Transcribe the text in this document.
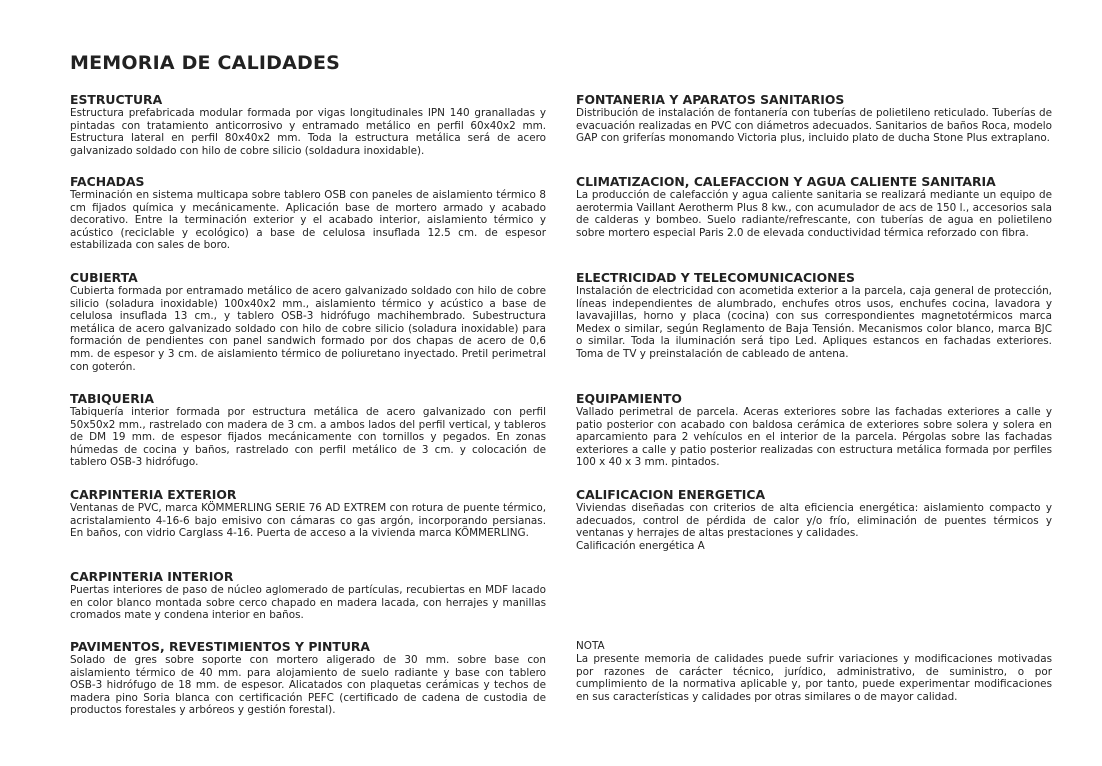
MEMORIA DE CALIDADES
ESTRUCTURA

Estructura prefabricada modular formada por vigas longitudinales IPN 140 granalladas y pintadas con tratamiento anticorrosivo y entramado metálico en perfil 60x40x2 mm. Estructura lateral en perfil 80x40x2 mm. Toda la estructura metálica será de acero galvanizado soldado con hilo de cobre silicio (soldadura inoxidable).

FACHADAS

Terminación en sistema multicapa sobre tablero OSB con paneles de aislamiento térmico 8 cm fijados química y mecánicamente. Aplicación base de mortero armado y acabado decorativo. Entre la terminación exterior y el acabado interior, aislamiento térmico y acústico (reciclable y ecológico) a base de celulosa insuflada 12.5 cm. de espesor estabilizada con sales de boro.

CUBIERTA

Cubierta formada por entramado metálico de acero galvanizado soldado con hilo de cobre silicio (soladura inoxidable) 100x40x2 mm., aislamiento térmico y acústico a base de celulosa insuflada 13 cm., y tablero OSB-3 hidrófugo machihembrado. Subestructura metálica de acero galvanizado soldado con hilo de cobre silicio (soladura inoxidable) para formación de pendientes con panel sandwich formado por dos chapas de acero de 0,6 mm. de espesor y 3 cm. de aislamiento térmico de poliuretano inyectado. Pretil perimetral con goterón.

TABIQUERIA

Tabiquería interior formada por estructura metálica de acero galvanizado con perfil 50x50x2 mm., rastrelado con madera de 3 cm. a ambos lados del perfil vertical, y tableros de DM 19 mm. de espesor fijados mecánicamente con tornillos y pegados. En zonas húmedas de cocina y baños, rastrelado con perfil metálico de 3 cm. y colocación de tablero OSB-3 hidrófugo.

CARPINTERIA EXTERIOR

Ventanas de PVC, marca KÖMMERLING SERIE 76 AD EXTREM con rotura de puente térmico, acristalamiento 4-16-6 bajo emisivo con cámaras co gas argón, incorporando persianas. En baños, con vidrio Carglass 4-16. Puerta de acceso a la vivienda marca KÖMMERLING.

CARPINTERIA INTERIOR

Puertas interiores de paso de núcleo aglomerado de partículas, recubiertas en MDF lacado en color blanco montada sobre cerco chapado en madera lacada, con herrajes y manillas cromados mate y condena interior en baños.

PAVIMENTOS, REVESTIMIENTOS Y PINTURA

Solado de gres sobre soporte con mortero aligerado de 30 mm. sobre base con aislamiento térmico de 40 mm. para alojamiento de suelo radiante y base con tablero OSB-3 hidrófugo de 18 mm. de espesor. Alicatados con plaquetas cerámicas y techos de madera pino Soria blanca con certificación PEFC (certificado de cadena de custodia de productos forestales y arbóreos y gestión forestal).

FONTANERIA Y APARATOS SANITARIOS

Distribución de instalación de fontanería con tuberías de polietileno reticulado. Tuberías de evacuación realizadas en PVC con diámetros adecuados. Sanitarios de baños Roca, modelo GAP con griferías monomando Victoria plus, incluido plato de ducha Stone Plus extraplano.

CLIMATIZACION, CALEFACCION Y AGUA CALIENTE SANITARIA

La producción de calefacción y agua caliente sanitaria se realizará mediante un equipo de aerotermia Vaillant Aerotherm Plus 8 kw., con acumulador de acs de 150 l., accesorios sala de calderas y bombeo. Suelo radiante/refrescante, con tuberías de agua en polietileno sobre mortero especial Paris 2.0 de elevada conductividad térmica reforzado con fibra.

ELECTRICIDAD Y TELECOMUNICACIONES

Instalación de electricidad con acometida exterior a la parcela, caja general de protección, líneas independientes de alumbrado, enchufes otros usos, enchufes cocina, lavadora y lavavajillas, horno y placa (cocina) con sus correspondientes magnetotérmicos marca Medex o similar, según Reglamento de Baja Tensión. Mecanismos color blanco, marca BJC o similar. Toda la iluminación será tipo Led. Apliques estancos en fachadas exteriores. Toma de TV y preinstalación de cableado de antena.

EQUIPAMIENTO

Vallado perimetral de parcela. Aceras exteriores sobre las fachadas exteriores a calle y patio posterior con acabado con baldosa cerámica de exteriores sobre solera y solera en aparcamiento para 2 vehículos en el interior de la parcela. Pérgolas sobre las fachadas exteriores a calle y patio posterior realizadas con estructura metálica formada por perfiles 100 x 40 x 3 mm. pintados.

CALIFICACION ENERGETICA

Viviendas diseñadas con criterios de alta eficiencia energética: aislamiento compacto y adecuados, control de pérdida de calor y/o frío, eliminación de puentes térmicos y ventanas y herrajes de altas prestaciones y calidades.

Calificación energética A

NOTA

La presente memoria de calidades puede sufrir variaciones y modificaciones motivadas por razones de carácter técnico, jurídico, administrativo, de suministro, o por cumplimiento de la normativa aplicable y, por tanto, puede experimentar modificaciones en sus características y calidades por otras similares o de mayor calidad.
